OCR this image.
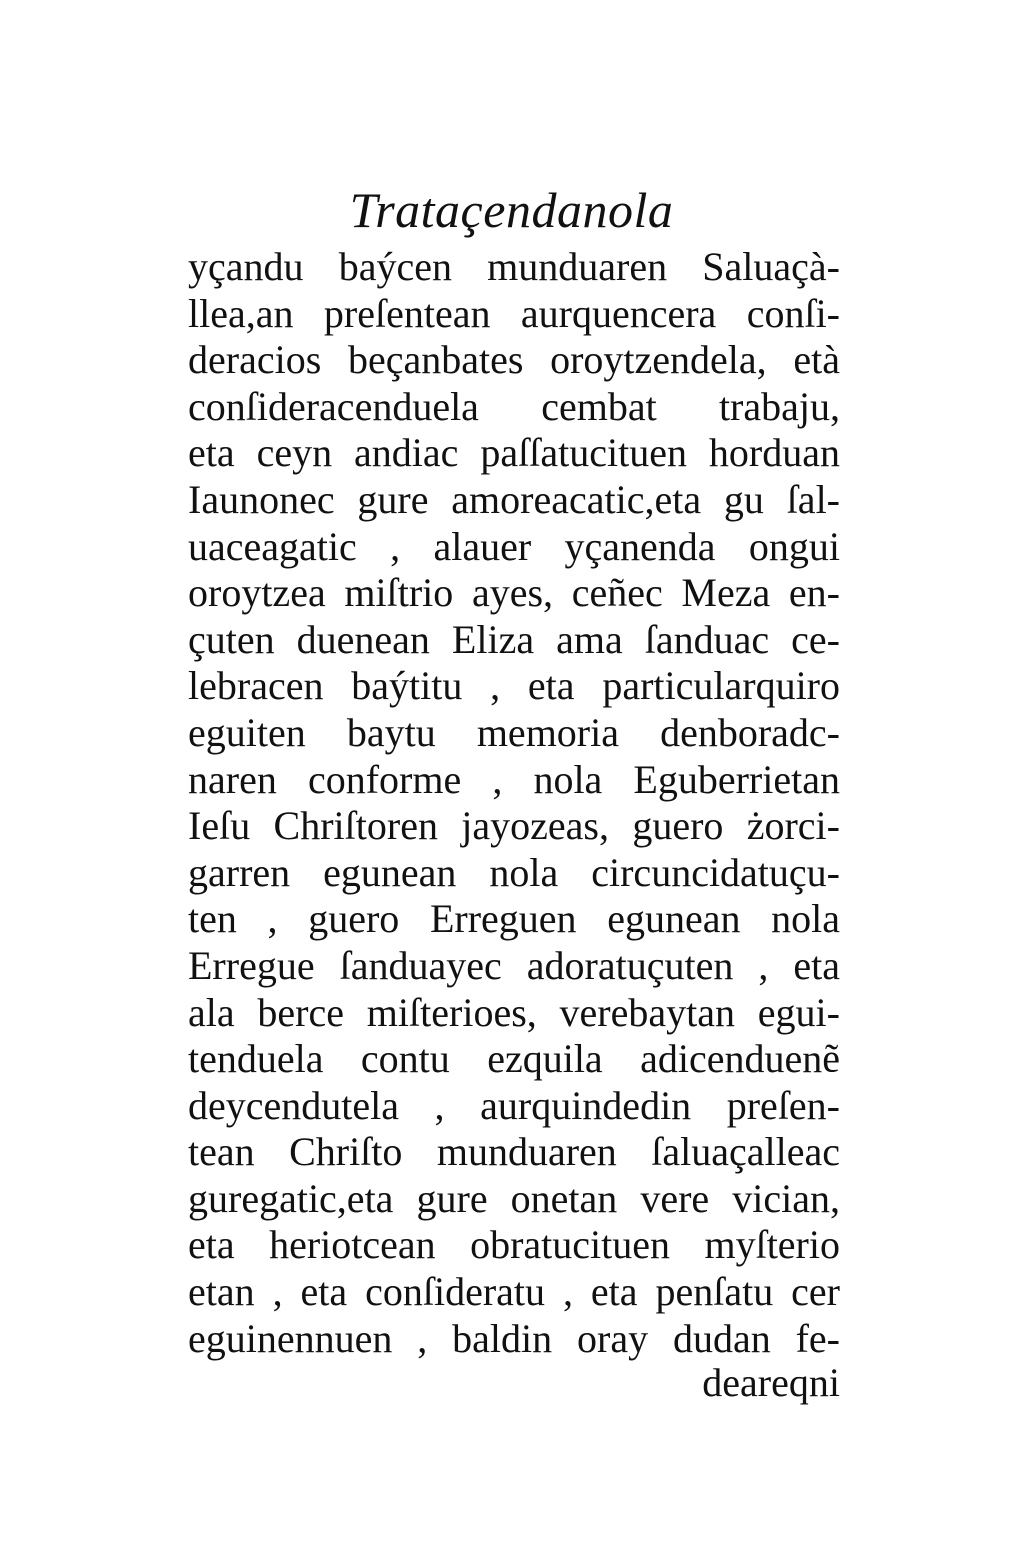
Trataçendanola
yçandu baýcen munduaren Saluaçà-
llea,an preſentean aurquencera conſi-
deracios beçanbates oroytzendela, età
conſideracenduela cembat trabaju,
eta ceyn andiac paſſatucituen horduan
Iaunonec gure amoreacatic,eta gu ſal-
uaceagatic , alauer yçanenda ongui
oroytzea miſtrio ayes, ceñec Meza en-
çuten duenean Eliza ama ſanduac ce-
lebracen baýtitu , eta particularquiro
eguiten baytu memoria denboradc-
naren conforme , nola Eguberrietan
Ieſu Chriſtoren jayozeas, guero żorci-
garren egunean nola circuncidatuçu-
ten , guero Erreguen egunean nola
Erregue ſanduayec adoratuçuten , eta
ala berce miſterioes, verebaytan egui-
tenduela contu ezquila adicenduenẽ
deycendutela , aurquindedin preſen-
tean Chriſto munduaren ſaluaçalleac
guregatic,eta gure onetan vere vician,
eta heriotcean obratucituen myſterio
etan , eta conſideratu , eta penſatu cer
eguinennuen , baldin oray dudan fe-
deareqni
